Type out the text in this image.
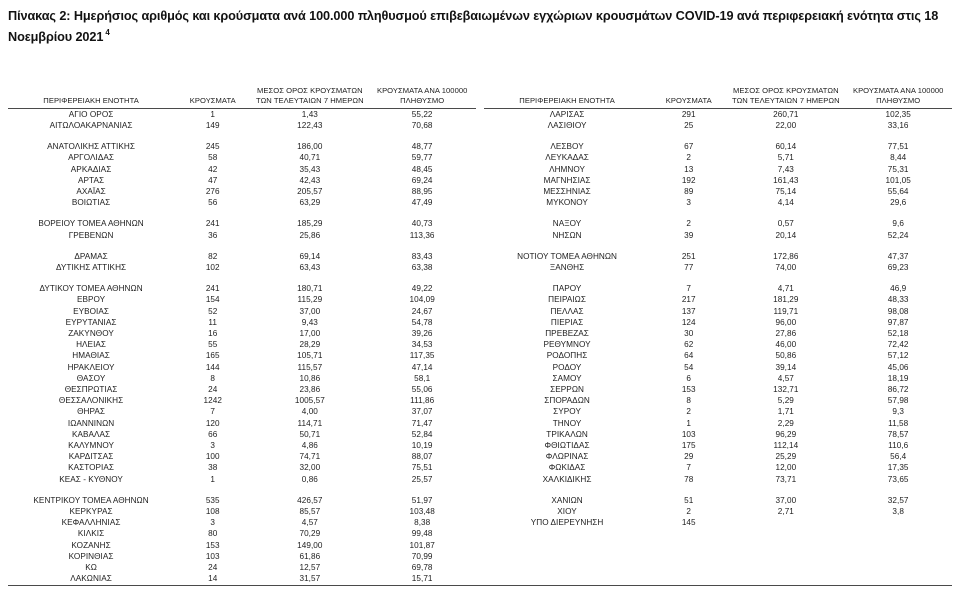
Πίνακας 2: Ημερήσιος αριθμός και κρούσματα ανά 100.000 πληθυσμού επιβεβαιωμένων εγχώριων κρουσμάτων COVID-19 ανά περιφερειακή ενότητα στις 18 Νοεμβρίου 2021 $^4$
ΠΕΡΙΦΕΡΕΙΑΚΗ ΕΝΟΤΗΤΑ	ΚΡΟΥΣΜΑΤΑ	ΜΕΣΟΣ ΟΡΟΣ ΚΡΟΥΣΜΑΤΩΝ
ΤΩΝ ΤΕΛΕΥΤΑΙΩΝ 7 ΗΜΕΡΩΝ	ΚΡΟΥΣΜΑΤΑ ΑΝΑ 100000
ΠΛΗΘΥΣΜΟ
ΑΓΙΟ ΟΡΟΣ	1	1,43	55,22
ΑΙΤΩΛΟΑΚΑΡΝΑΝΙΑΣ	149	122,43	70,68

ΑΝΑΤΟΛΙΚΗΣ ΑΤΤΙΚΗΣ	245	186,00	48,77
ΑΡΓΟΛΙΔΑΣ	58	40,71	59,77
ΑΡΚΑΔΙΑΣ	42	35,43	48,45
ΑΡΤΑΣ	47	42,43	69,24
ΑΧΑΪΑΣ	276	205,57	88,95
ΒΟΙΩΤΙΑΣ	56	63,29	47,49

ΒΟΡΕΙΟΥ ΤΟΜΕΑ ΑΘΗΝΩΝ	241	185,29	40,73
ΓΡΕΒΕΝΩΝ	36	25,86	113,36

ΔΡΑΜΑΣ	82	69,14	83,43
ΔΥΤΙΚΗΣ ΑΤΤΙΚΗΣ	102	63,43	63,38

ΔΥΤΙΚΟΥ ΤΟΜΕΑ ΑΘΗΝΩΝ	241	180,71	49,22
ΕΒΡΟΥ	154	115,29	104,09
ΕΥΒΟΙΑΣ	52	37,00	24,67
ΕΥΡΥΤΑΝΙΑΣ	11	9,43	54,78
ΖΑΚΥΝΘΟΥ	16	17,00	39,26
ΗΛΕΙΑΣ	55	28,29	34,53
ΗΜΑΘΙΑΣ	165	105,71	117,35
ΗΡΑΚΛΕΙΟΥ	144	115,57	47,14
ΘΑΣΟΥ	8	10,86	58,1
ΘΕΣΠΡΩΤΙΑΣ	24	23,86	55,06
ΘΕΣΣΑΛΟΝΙΚΗΣ	1242	1005,57	111,86
ΘΗΡΑΣ	7	4,00	37,07
ΙΩΑΝΝΙΝΩΝ	120	114,71	71,47
ΚΑΒΑΛΑΣ	66	50,71	52,84
ΚΑΛΥΜΝΟΥ	3	4,86	10,19
ΚΑΡΔΙΤΣΑΣ	100	74,71	88,07
ΚΑΣΤΟΡΙΑΣ	38	32,00	75,51
ΚΕΑΣ - ΚΥΘΝΟΥ	1	0,86	25,57

ΚΕΝΤΡΙΚΟΥ ΤΟΜΕΑ ΑΘΗΝΩΝ	535	426,57	51,97
ΚΕΡΚΥΡΑΣ	108	85,57	103,48
ΚΕΦΑΛΛΗΝΙΑΣ	3	4,57	8,38
ΚΙΛΚΙΣ	80	70,29	99,48
ΚΟΖΑΝΗΣ	153	149,00	101,87
ΚΟΡΙΝΘΙΑΣ	103	61,86	70,99
ΚΩ	24	12,57	69,78
ΛΑΚΩΝΙΑΣ	14	31,57	15,71
ΠΕΡΙΦΕΡΕΙΑΚΗ ΕΝΟΤΗΤΑ	ΚΡΟΥΣΜΑΤΑ	ΜΕΣΟΣ ΟΡΟΣ ΚΡΟΥΣΜΑΤΩΝ
ΤΩΝ ΤΕΛΕΥΤΑΙΩΝ 7 ΗΜΕΡΩΝ	ΚΡΟΥΣΜΑΤΑ ΑΝΑ 100000
ΠΛΗΘΥΣΜΟ
ΛΑΡΙΣΑΣ	291	260,71	102,35
ΛΑΣΙΘΙΟΥ	25	22,00	33,16

ΛΕΣΒΟΥ	67	60,14	77,51
ΛΕΥΚΑΔΑΣ	2	5,71	8,44
ΛΗΜΝΟΥ	13	7,43	75,31
ΜΑΓΝΗΣΙΑΣ	192	161,43	101,05
ΜΕΣΣΗΝΙΑΣ	89	75,14	55,64
ΜΥΚΟΝΟΥ	3	4,14	29,6

ΝΑΞΟΥ	2	0,57	9,6
ΝΗΣΩΝ	39	20,14	52,24

ΝΟΤΙΟΥ ΤΟΜΕΑ ΑΘΗΝΩΝ	251	172,86	47,37
ΞΑΝΘΗΣ	77	74,00	69,23

ΠΑΡΟΥ	7	4,71	46,9
ΠΕΙΡΑΙΩΣ	217	181,29	48,33
ΠΕΛΛΑΣ	137	119,71	98,08
ΠΙΕΡΙΑΣ	124	96,00	97,87
ΠΡΕΒΕΖΑΣ	30	27,86	52,18
ΡΕΘΥΜΝΟΥ	62	46,00	72,42
ΡΟΔΟΠΗΣ	64	50,86	57,12
ΡΟΔΟΥ	54	39,14	45,06
ΣΑΜΟΥ	6	4,57	18,19
ΣΕΡΡΩΝ	153	132,71	86,72
ΣΠΟΡΑΔΩΝ	8	5,29	57,98
ΣΥΡΟΥ	2	1,71	9,3
ΤΗΝΟΥ	1	2,29	11,58
ΤΡΙΚΑΛΩΝ	103	96,29	78,57
ΦΘΙΩΤΙΔΑΣ	175	112,14	110,6
ΦΛΩΡΙΝΑΣ	29	25,29	56,4
ΦΩΚΙΔΑΣ	7	12,00	17,35
ΧΑΛΚΙΔΙΚΗΣ	78	73,71	73,65

ΧΑΝΙΩΝ	51	37,00	32,57
ΧΙΟΥ	2	2,71	3,8
ΥΠΟ ΔΙΕΡΕΥΝΗΣΗ	145		
